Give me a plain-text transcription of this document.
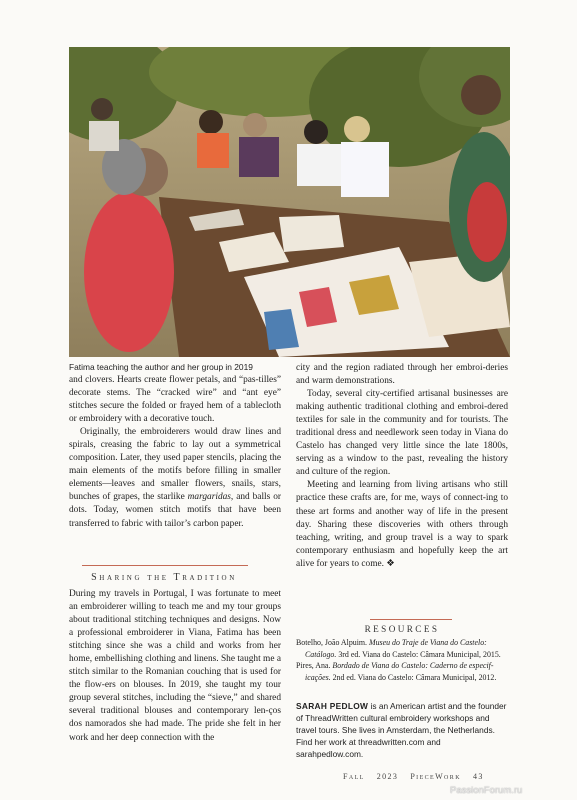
Fatima teaching the author and her group in 2019

and clovers. Hearts create flower petals, and “pas-tilles” decorate stems. The “cracked wire” and “ant eye” stitches secure the folded or frayed hem of a tablecloth or embroidery with a decorative touch.

Originally, the embroiderers would draw lines and spirals, creasing the fabric to lay out a symmetrical composition. Later, they used paper stencils, placing the main elements of the motifs before filling in smaller elements—leaves and smaller flowers, snails, stars, bunches of grapes, the starlike margaridas, and balls or dots. Today, women stitch motifs that have been transferred to fabric with tailor’s carbon paper.

Sharing the Tradition

During my travels in Portugal, I was fortunate to meet an embroiderer willing to teach me and my tour groups about traditional stitching techniques and designs. Now a professional embroiderer in Viana, Fatima has been stitching since she was a child and works from her home, embellishing clothing and linens. She taught me a stitch similar to the Romanian couching that is used for the flow-ers on blouses. In 2019, she taught my tour group several stitches, including the “sieve,” and shared several traditional blouses and contemporary len-ços dos namorados she had made. The pride she felt in her work and her deep connection with the

city and the region radiated through her embroi-deries and warm demonstrations.

Today, several city-certified artisanal businesses are making authentic traditional clothing and embroi-dered textiles for sale in the community and for tourists. The traditional dress and needlework seen today in Viana do Castelo has changed very little since the late 1800s, serving as a window to the past, revealing the history and culture of the region.

Meeting and learning from living artisans who still practice these crafts are, for me, ways of connect-ing to these art forms and another way of life in the present day. Sharing these discoveries with others through teaching, writing, and group travel is a way to spark contemporary enthusiasm and hopefully keep the art alive for years to come. ❖

RESOURCES

Botelho, João Alpuim. Museu do Traje de Viana do Castelo: Catálogo. 3rd ed. Viana do Castelo: Câmara Municipal, 2015.

Pires, Ana. Bordado de Viana do Castelo: Caderno de especif-icações. 2nd ed. Viana do Castelo: Câmara Municipal, 2012.

SARAH PEDLOW is an American artist and the founder of ThreadWritten cultural embroidery workshops and travel tours. She lives in Amsterdam, the Netherlands. Find her work at threadwritten.com and sarahpedlow.com.
Fall 2023 PieceWork 43
PassionForum.ru
